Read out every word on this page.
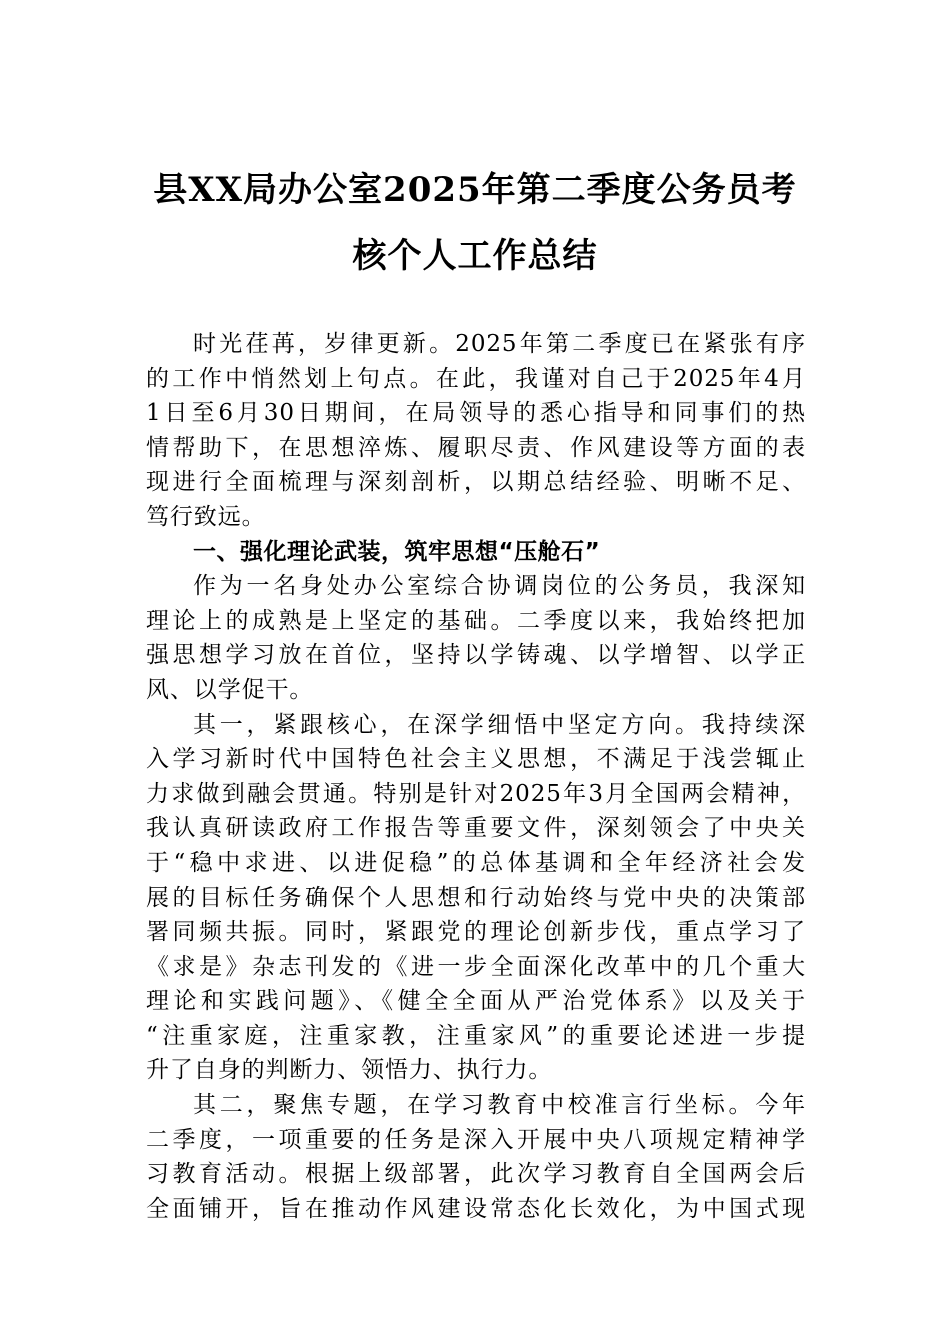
县XX局办公室2025年第二季度公务员考
核个人工作总结
时光荏苒，岁律更新。2025年第二季度已在紧张有序
的工作中悄然划上句点。在此，我谨对自己于2025年4月
1日至6月30日期间，在局领导的悉心指导和同事们的热
情帮助下，在思想淬炼、履职尽责、作风建设等方面的表
现进行全面梳理与深刻剖析，以期总结经验、明晰不足、
笃行致远。
一、强化理论武装，筑牢思想“压舱石”
作为一名身处办公室综合协调岗位的公务员，我深知
理论上的成熟是上坚定的基础。二季度以来，我始终把加
强思想学习放在首位，坚持以学铸魂、以学增智、以学正
风、以学促干。
其一，紧跟核心，在深学细悟中坚定方向。我持续深
入学习新时代中国特色社会主义思想，不满足于浅尝辄止
力求做到融会贯通。特别是针对2025年3月全国两会精神，
我认真研读政府工作报告等重要文件，深刻领会了中央关
于“稳中求进、以进促稳”的总体基调和全年经济社会发
展的目标任务确保个人思想和行动始终与党中央的决策部
署同频共振。同时，紧跟党的理论创新步伐，重点学习了
《求是》杂志刊发的《进一步全面深化改革中的几个重大
理论和实践问题》、《健全全面从严治党体系》以及关于
“注重家庭，注重家教，注重家风”的重要论述进一步提
升了自身的判断力、领悟力、执行力。
其二，聚焦专题，在学习教育中校准言行坐标。今年
二季度，一项重要的任务是深入开展中央八项规定精神学
习教育活动。根据上级部署，此次学习教育自全国两会后
全面铺开，旨在推动作风建设常态化长效化，为中国式现
